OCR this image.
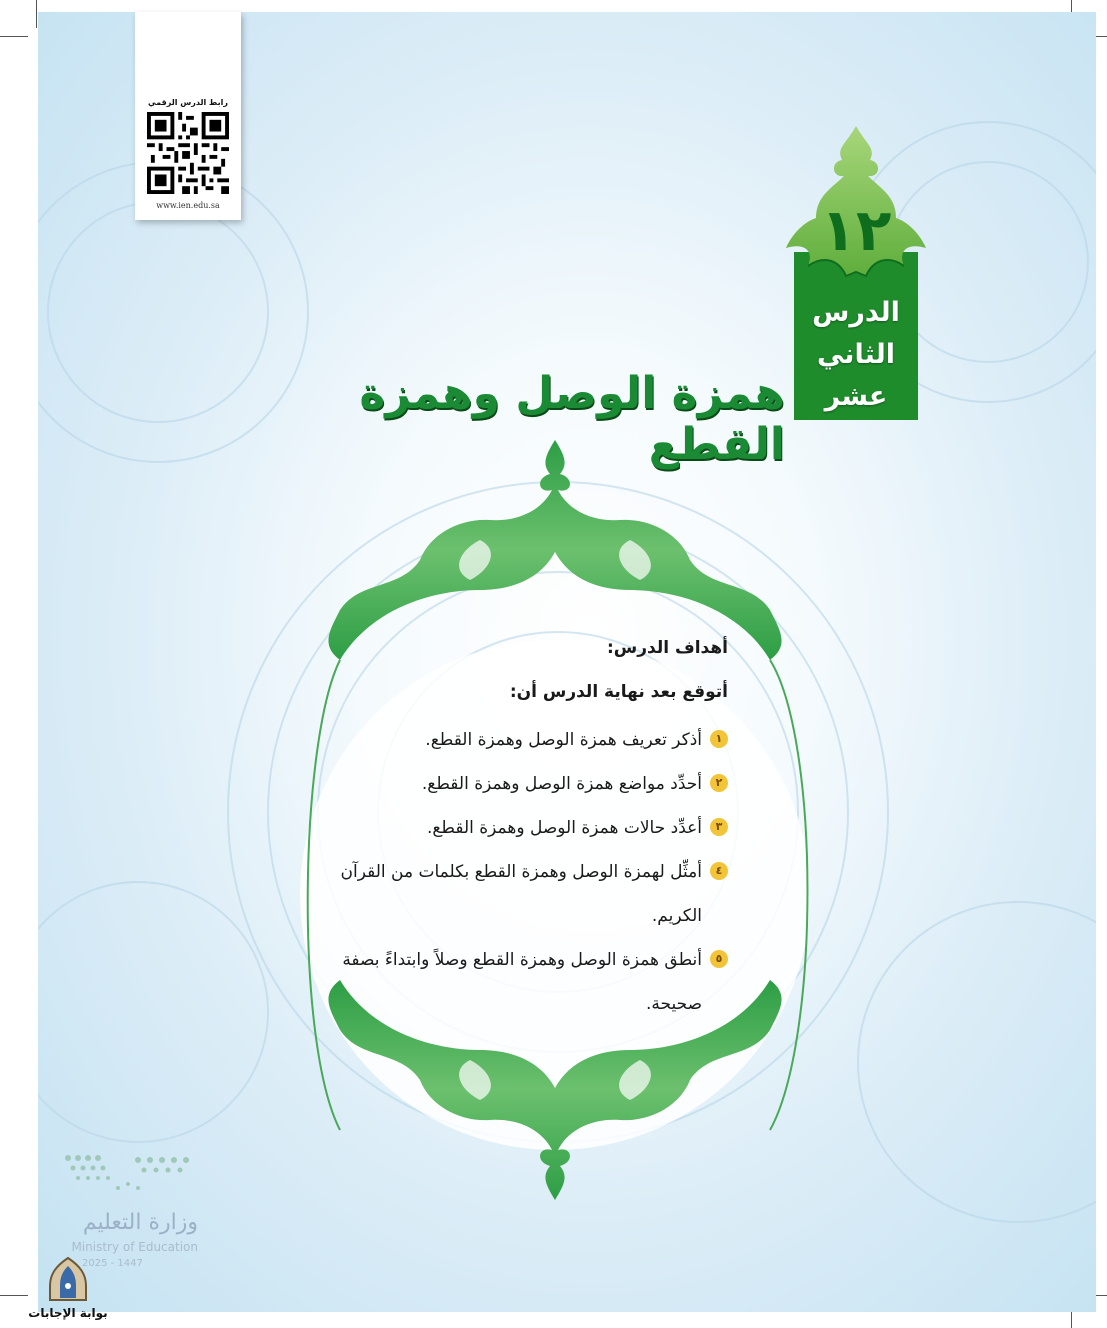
رابط الدرس الرقمي
www.ien.edu.sa	١٢
الدرس
الثاني
عشر
همزة الوصل وهمزة القطع
أهداف الدرس:
أتوقع بعد نهاية الدرس أن:
١
أذكر تعريف همزة الوصل وهمزة القطع.
٢
أحدِّد مواضع همزة الوصل وهمزة القطع.
٣
أعدِّد حالات همزة الوصل وهمزة القطع.
٤
أمثِّل لهمزة الوصل وهمزة القطع بكلمات من القرآن الكريم.
٥
أنطق همزة الوصل وهمزة القطع وصلاً وابتداءً بصفة صحيحة.
وزارة التعليم
Ministry of Education
2025 - 1447
بوابة الإجابات
